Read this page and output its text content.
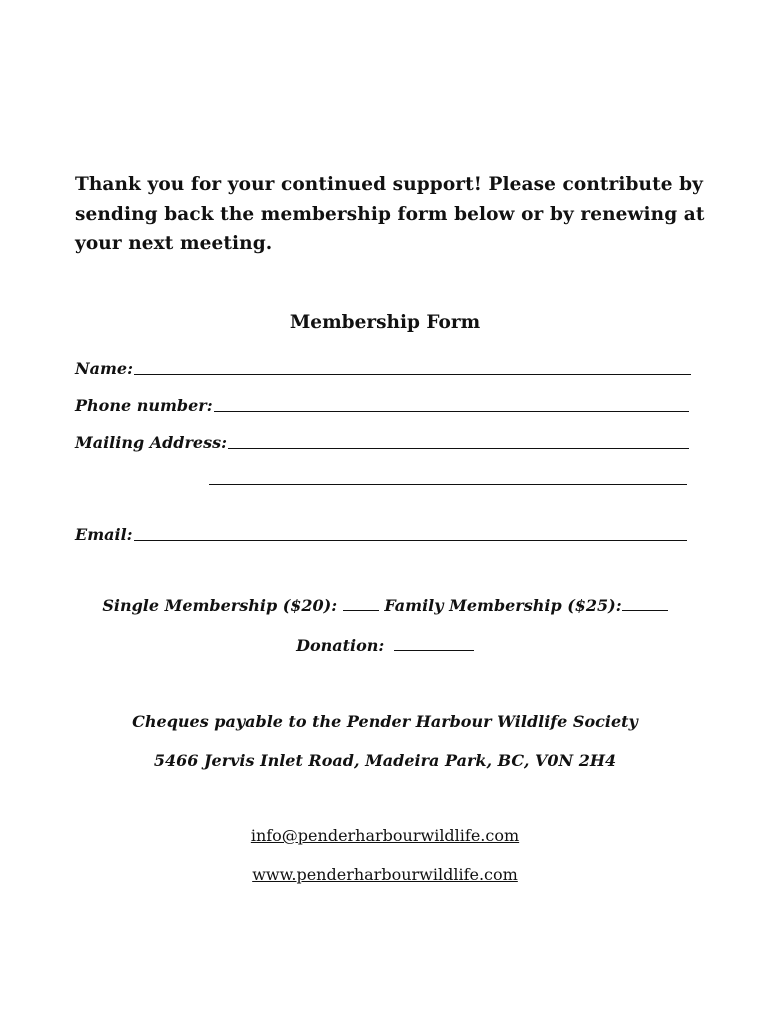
Thank you for your continued support! Please contribute by
sending back the membership form below or by renewing at
your next meeting.
Membership Form
Name:
Phone number:
Mailing Address:
Email:
Single Membership ($20):	Family Membership ($25):
Donation:
Cheques payable to the Pender Harbour Wildlife Society
5466 Jervis Inlet Road, Madeira Park, BC, V0N 2H4
info@penderharbourwildlife.com
www.penderharbourwildlife.com
